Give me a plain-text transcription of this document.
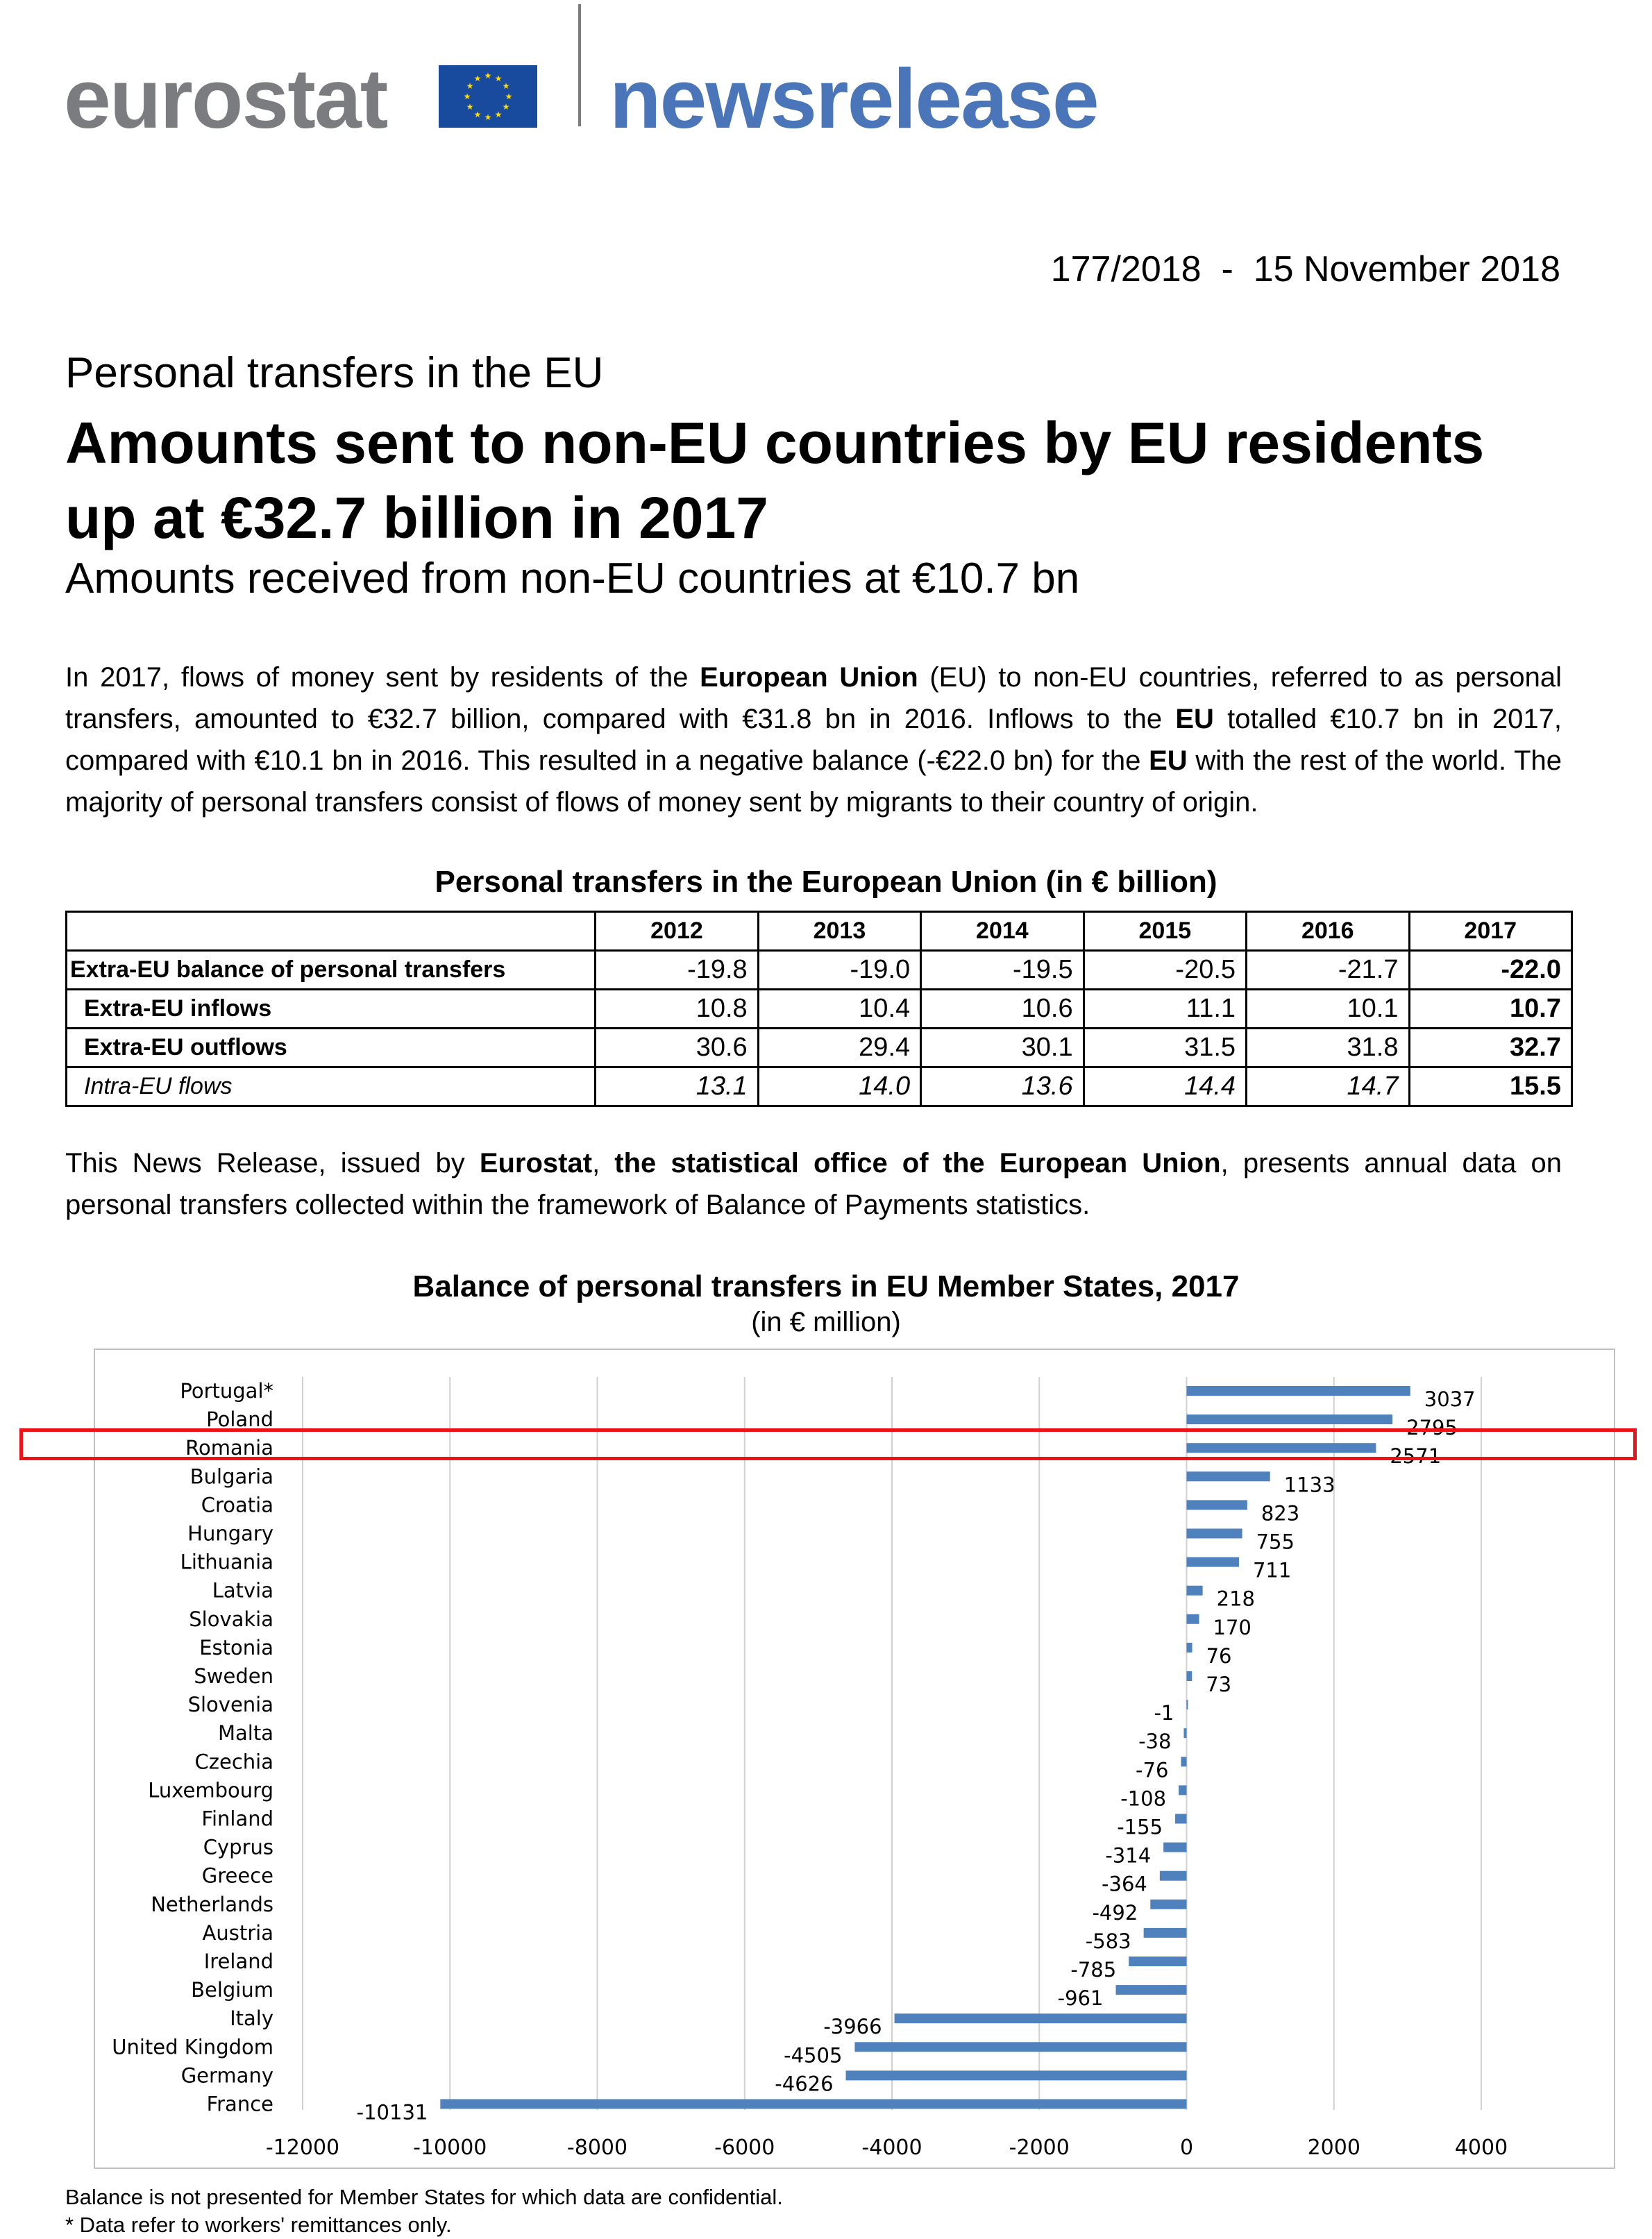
eurostat	★ ★
★
★
★
★
★
★
★
★
★
★ newsrelease
177/2018  -  15 November 2018
Personal transfers in the EU
Amounts sent to non-EU countries by EU residents up at €32.7 billion in 2017
Amounts received from non-EU countries at €10.7 bn
In 2017, flows of money sent by residents of the European Union (EU) to non-EU countries, referred to as personal transfers, amounted to €32.7 billion, compared with €31.8 bn in 2016. Inflows to the EU totalled €10.7 bn in 2017, compared with €10.1 bn in 2016. This resulted in a negative balance (-€22.0 bn) for the EU with the rest of the world. The majority of personal transfers consist of flows of money sent by migrants to their country of origin.
Personal transfers in the European Union (in € billion)
	2012	2013	2014	2015	2016	2017
Extra-EU balance of personal transfers	-19.8	-19.0	-19.5	-20.5	-21.7	-22.0
Extra-EU inflows	10.8	10.4	10.6	11.1	10.1	10.7
Extra-EU outflows	30.6	29.4	30.1	31.5	31.8	32.7
Intra-EU flows	13.1	14.0	13.6	14.4	14.7	15.5
This News Release, issued by Eurostat, the statistical office of the European Union, presents annual data on personal transfers collected within the framework of Balance of Payments statistics.
Balance of personal transfers in EU Member States, 2017
(in € million)
-12000	-10000	-8000	-6000	-4000	-2000	0	2000	4000
Portugal*	3037
Poland	2795
Romania	2571
Bulgaria	1133
Croatia	823
Hungary	755
Lithuania	711
Latvia	218
Slovakia	170
Estonia	76
Sweden	73
Slovenia	-1
Malta	-38
Czechia	-76
Luxembourg	-108
Finland	-155
Cyprus	-314
Greece	-364
Netherlands	-492
Austria	-583
Ireland	-785
Belgium	-961
Italy	-3966
United Kingdom	-4505
Germany	-4626
France	-10131
Balance is not presented for Member States for which data are confidential.
* Data refer to workers' remittances only.
